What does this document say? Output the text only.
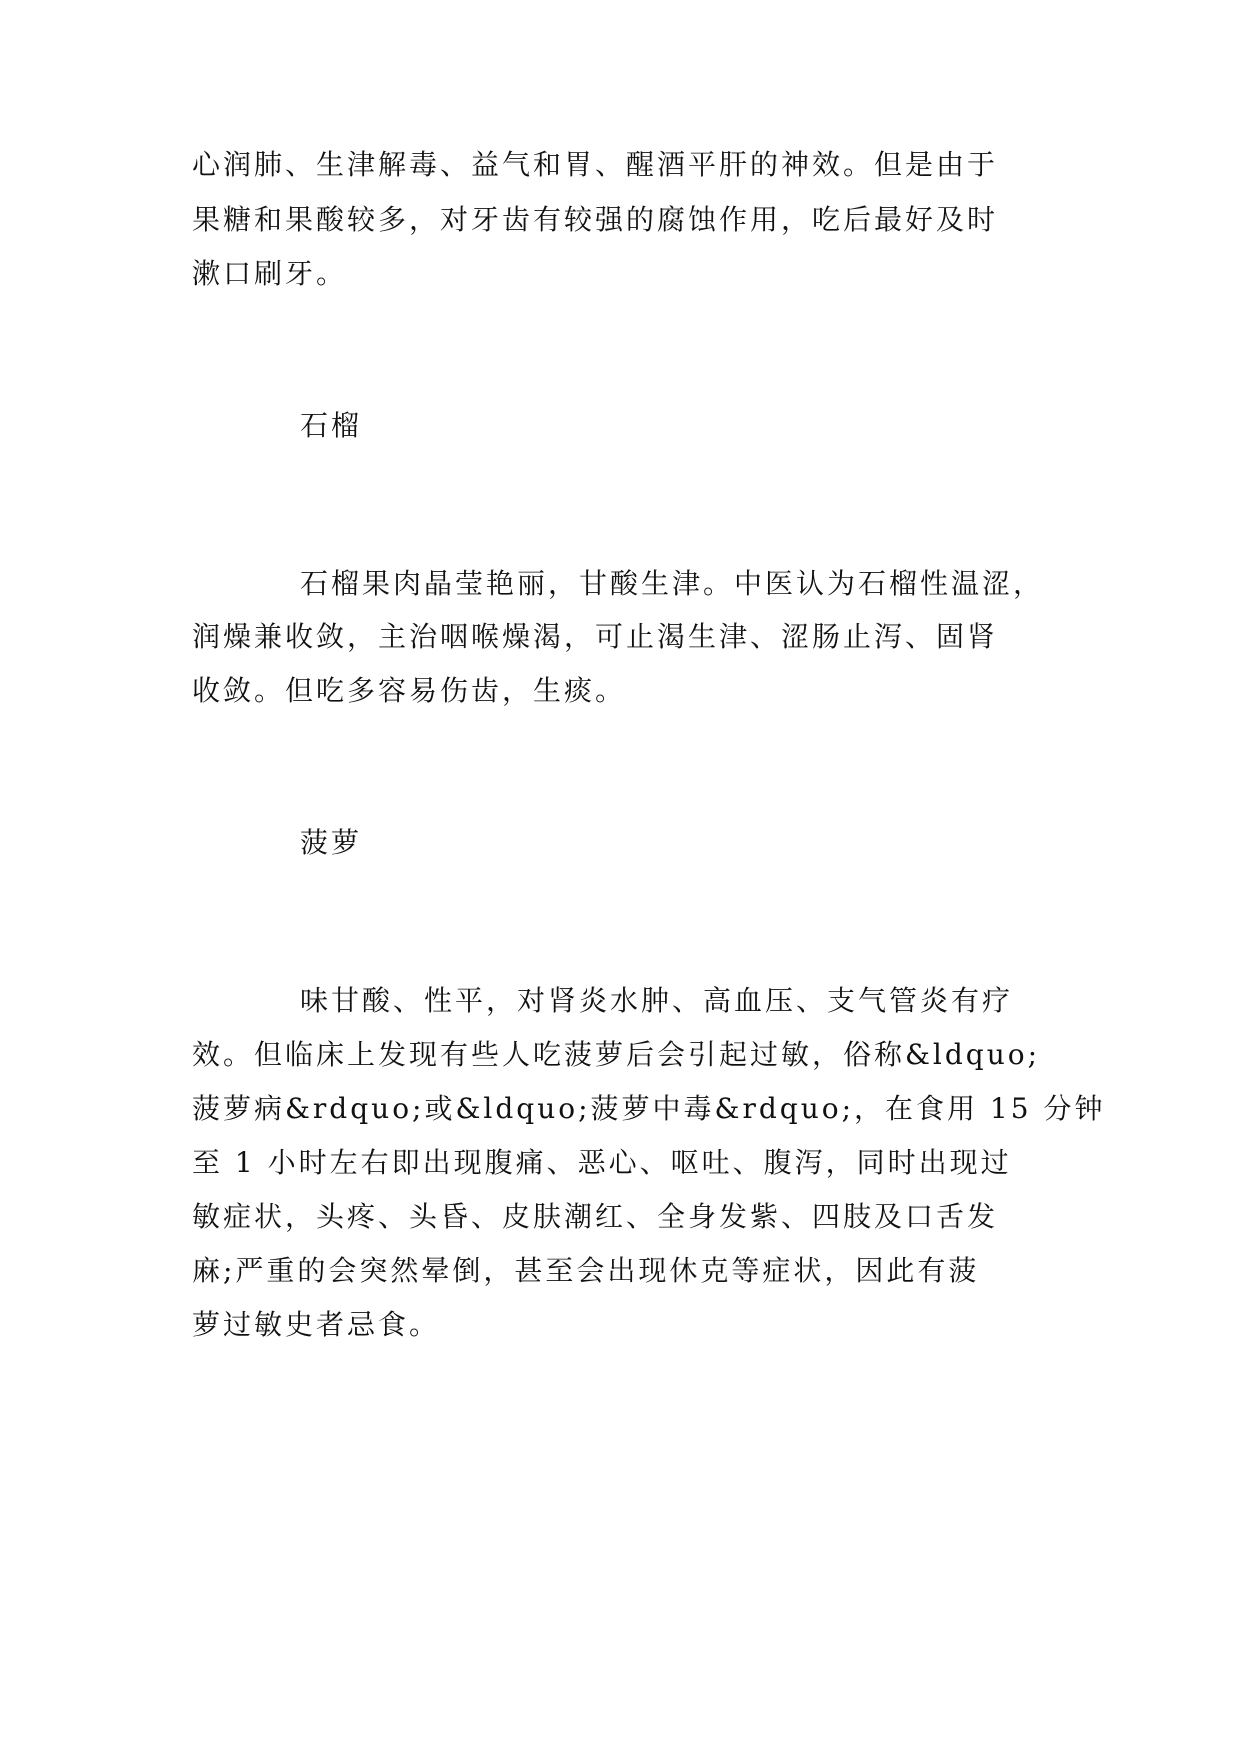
心润肺、生津解毒、益气和胃、醒酒平肝的神效。但是由于
果糖和果酸较多，对牙齿有较强的腐蚀作用，吃后最好及时
漱口刷牙。
石榴
石榴果肉晶莹艳丽，甘酸生津。中医认为石榴性温涩，
润燥兼收敛，主治咽喉燥渴，可止渴生津、涩肠止泻、固肾
收敛。但吃多容易伤齿，生痰。
菠萝
味甘酸、性平，对肾炎水肿、高血压、支气管炎有疗
效。但临床上发现有些人吃菠萝后会引起过敏，俗称&ldquo;
菠萝病&rdquo;或&ldquo;菠萝中毒&rdquo;，在食用 15 分钟
至 1 小时左右即出现腹痛、恶心、呕吐、腹泻，同时出现过
敏症状，头疼、头昏、皮肤潮红、全身发紫、四肢及口舌发
麻;严重的会突然晕倒，甚至会出现休克等症状，因此有菠
萝过敏史者忌食。
